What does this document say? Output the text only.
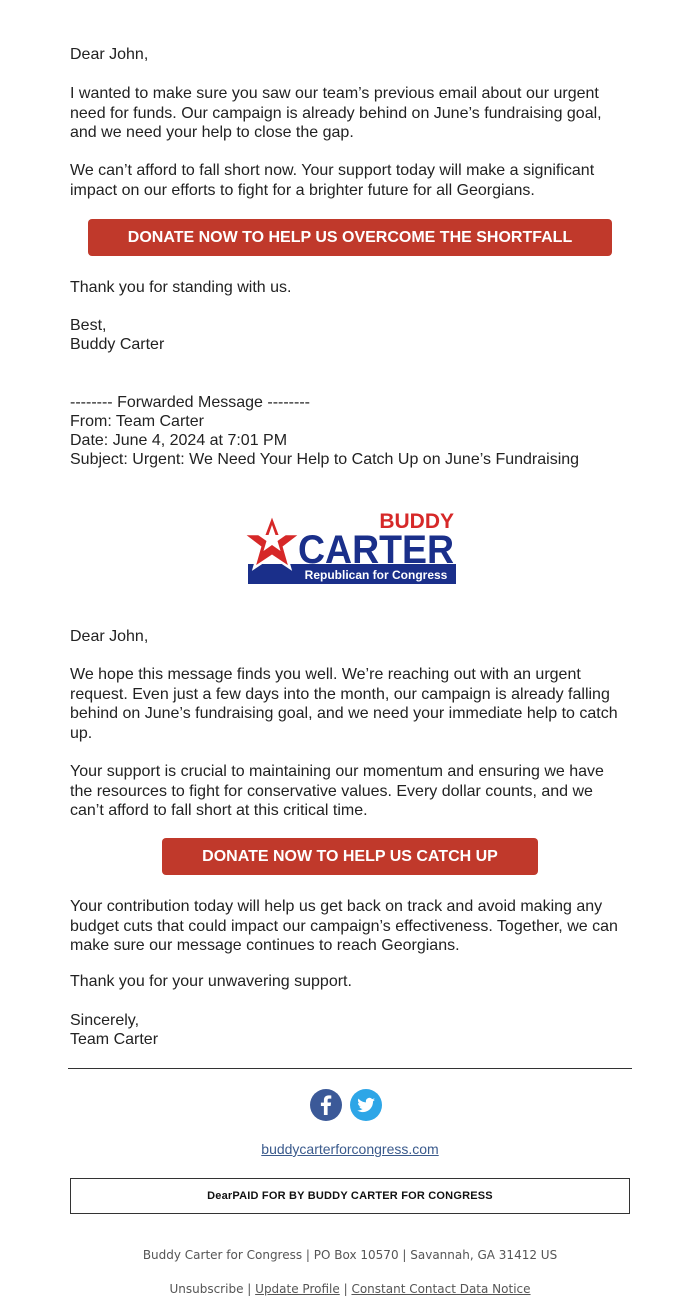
Dear John,

I wanted to make sure you saw our team’s previous email about our urgent need for funds. Our campaign is already behind on June’s fundraising goal, and we need your help to close the gap.

We can’t afford to fall short now. Your support today will make a significant impact on our efforts to fight for a brighter future for all Georgians.

DONATE NOW TO HELP US OVERCOME THE SHORTFALL

Thank you for standing with us.

Best,

Buddy Carter

-------- Forwarded Message --------

From: Team Carter

Date: June 4, 2024 at 7:01 PM

Subject: Urgent: We Need Your Help to Catch Up on June’s Fundraising

BUDDY
CARTER
Republican for Congress

Dear John,

We hope this message finds you well. We’re reaching out with an urgent request. Even just a few days into the month, our campaign is already falling behind on June’s fundraising goal, and we need your immediate help to catch up.

Your support is crucial to maintaining our momentum and ensuring we have the resources to fight for conservative values. Every dollar counts, and we can’t afford to fall short at this critical time.

DONATE NOW TO HELP US CATCH UP

Your contribution today will help us get back on track and avoid making any budget cuts that could impact our campaign’s effectiveness. Together, we can make sure our message continues to reach Georgians.

Thank you for your unwavering support.

Sincerely,

Team Carter

buddycarterforcongress.com
DearPAID FOR BY BUDDY CARTER FOR CONGRESS
Buddy Carter for Congress | PO Box 10570 | Savannah, GA 31412 US
Unsubscribe | Update Profile | Constant Contact Data Notice
